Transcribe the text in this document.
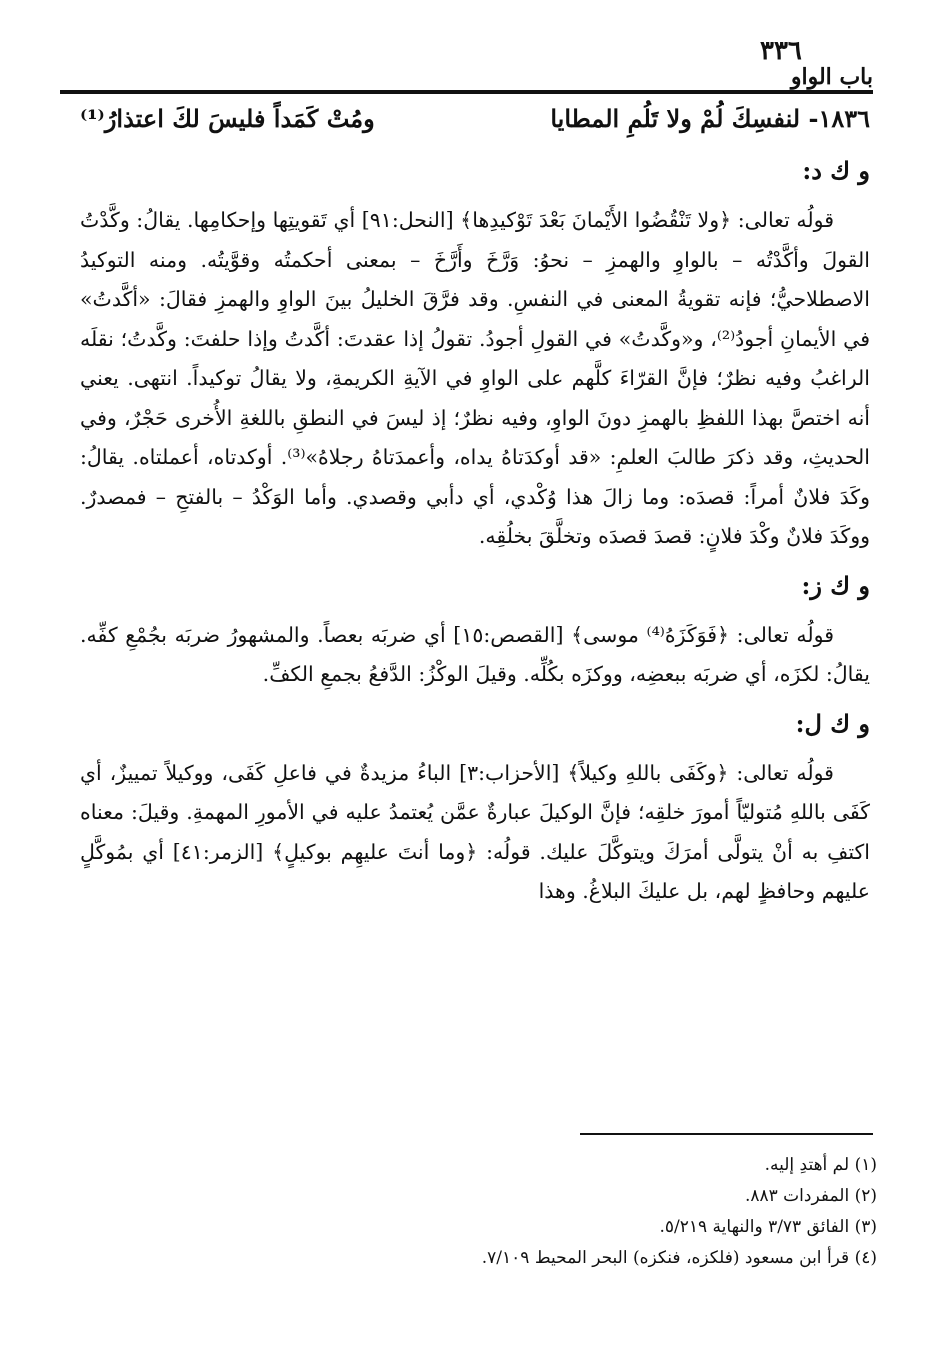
٣٣٦
باب الواو
١٨٣٦- لنفسِكَ لُمْ ولا تَلُمِ المطايا
ومُتْ كَمَداً فليسَ لكَ اعتذارُ⁽¹⁾
و ك د:

قولُه تعالى: ﴿ولا تَنْقُضُوا الأَيْمانَ بَعْدَ تَوْكيدِها﴾ [النحل:٩١] أي تَقويتِها وإحكامِها. يقالُ: وكَّدْتُ القولَ وأكَّدْتُه – بالواوِ والهمزِ – نحوُ: وَرَّخَ وأَرَّخَ – بمعنى أحكمتُه وقوَّيتُه. ومنه التوكيدُ الاصطلاحيُّ؛ فإنه تقويةُ المعنى في النفسِ. وقد فرَّقَ الخليلُ بينَ الواوِ والهمزِ فقالَ: «أكَّدتُ» في الأيمانِ أجودُ⁽²⁾، و«وكَّدتُ» في القولِ أجودُ. تقولُ إذا عقدتَ: أكَّدتُ وإذا حلفتَ: وكَّدتُ؛ نقلَه الراغبُ وفيه نظرٌ؛ فإنَّ القرّاءَ كلَّهم على الواوِ في الآيةِ الكريمةِ، ولا يقالُ توكيداً. انتهى. يعني أنه اختصَّ بهذا اللفظِ بالهمزِ دونَ الواوِ، وفيه نظرٌ؛ إذ ليسَ في النطقِ باللغةِ الأُخرى حَجْرٌ، وفي الحديثِ، وقد ذكرَ طالبَ العلمِ: «قد أوكدَتاهُ يداه، وأعمدَتاهُ رجلاهُ»⁽³⁾. أوكدتاه، أعملتاه. يقالُ: وكَدَ فلانٌ أمراً: قصدَه: وما زالَ هذا وُكْدي، أي دأبي وقصدي. وأما الوَكْدُ – بالفتحِ – فمصدرٌ. ووكَدَ فلانٌ وكْدَ فلانٍ: قصدَ قصدَه وتخلَّقَ بخلُقِه.

و ك ز:

قولُه تعالى: ﴿فَوَكَزَهُ⁽⁴⁾ موسى﴾ [القصص:١٥] أي ضربَه بعصاً. والمشهورُ ضربَه بجُمْعِ كفِّه. يقالُ: لكزَه، أي ضربَه ببعضِه، ووكزَه بكُلِّه. وقيلَ الوكْزُ: الدَّفعُ بجمعِ الكفِّ.

و ك ل:

قولُه تعالى: ﴿وكَفَى باللهِ وكيلاً﴾ [الأحزاب:٣] الباءُ مزيدةٌ في فاعلِ كَفَى، ووكيلاً تمييزٌ، أي كَفَى باللهِ مُتوليّاً أمورَ خلقِه؛ فإنَّ الوكيلَ عبارةٌ عمَّن يُعتمدُ عليه في الأمورِ المهمةِ. وقيلَ: معناه اكتفِ به أنْ يتولَّى أمرَكَ ويتوكَّلَ عليك. قولُه: ﴿وما أنتَ عليهِم بوكيلٍ﴾ [الزمر:٤١] أي بمُوكَّلٍ عليهم وحافظٍ لهم، بل عليكَ البلاغُ. وهذا

(١) لم أهتدِ إليه.

(٢) المفردات ٨٨٣.

(٣) الفائق ٣/٧٣ والنهاية ٥/٢١٩.

(٤) قرأ ابن مسعود (فلكزه، فنكزه) البحر المحيط ٧/١٠٩.
